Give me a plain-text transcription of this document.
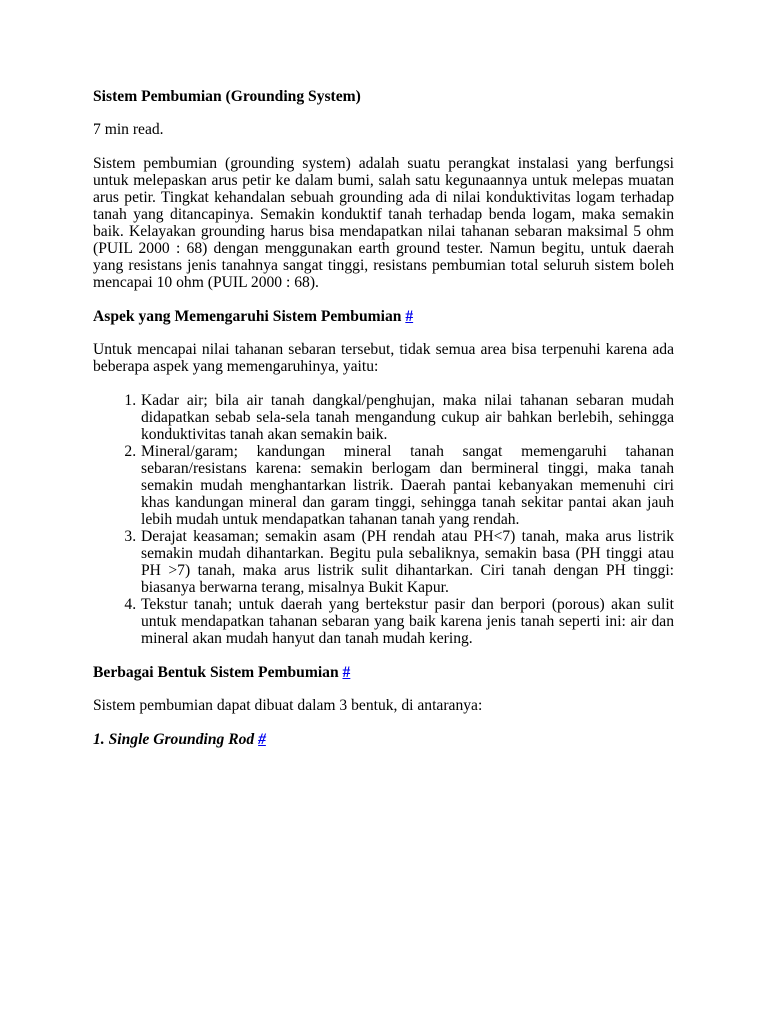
Sistem Pembumian (Grounding System)

7 min read.

Sistem pembumian (grounding system) adalah suatu perangkat instalasi yang berfungsi untuk melepaskan arus petir ke dalam bumi, salah satu kegunaannya untuk melepas muatan arus petir. Tingkat kehandalan sebuah grounding ada di nilai konduktivitas logam terhadap tanah yang ditancapinya. Semakin konduktif tanah terhadap benda logam, maka semakin baik. Kelayakan grounding harus bisa mendapatkan nilai tahanan sebaran maksimal 5 ohm (PUIL 2000 : 68) dengan menggunakan earth ground tester. Namun begitu, untuk daerah yang resistans jenis tanahnya sangat tinggi, resistans pembumian total seluruh sistem boleh mencapai 10 ohm (PUIL 2000 : 68).

Aspek yang Memengaruhi Sistem Pembumian #

Untuk mencapai nilai tahanan sebaran tersebut, tidak semua area bisa terpenuhi karena ada beberapa aspek yang memengaruhinya, yaitu:

1. Kadar air; bila air tanah dangkal/penghujan, maka nilai tahanan sebaran mudah didapatkan sebab sela-sela tanah mengandung cukup air bahkan berlebih, sehingga konduktivitas tanah akan semakin baik.
2. Mineral/garam; kandungan mineral tanah sangat memengaruhi tahanan sebaran/resistans karena: semakin berlogam dan bermineral tinggi, maka tanah semakin mudah menghantarkan listrik. Daerah pantai kebanyakan memenuhi ciri khas kandungan mineral dan garam tinggi, sehingga tanah sekitar pantai akan jauh lebih mudah untuk mendapatkan tahanan tanah yang rendah.
3. Derajat keasaman; semakin asam (PH rendah atau PH<7) tanah, maka arus listrik semakin mudah dihantarkan. Begitu pula sebaliknya, semakin basa (PH tinggi atau PH >7) tanah, maka arus listrik sulit dihantarkan. Ciri tanah dengan PH tinggi: biasanya berwarna terang, misalnya Bukit Kapur.
4. Tekstur tanah; untuk daerah yang bertekstur pasir dan berpori (porous) akan sulit untuk mendapatkan tahanan sebaran yang baik karena jenis tanah seperti ini: air dan mineral akan mudah hanyut dan tanah mudah kering.

Berbagai Bentuk Sistem Pembumian #

Sistem pembumian dapat dibuat dalam 3 bentuk, di antaranya:

1. Single Grounding Rod #
